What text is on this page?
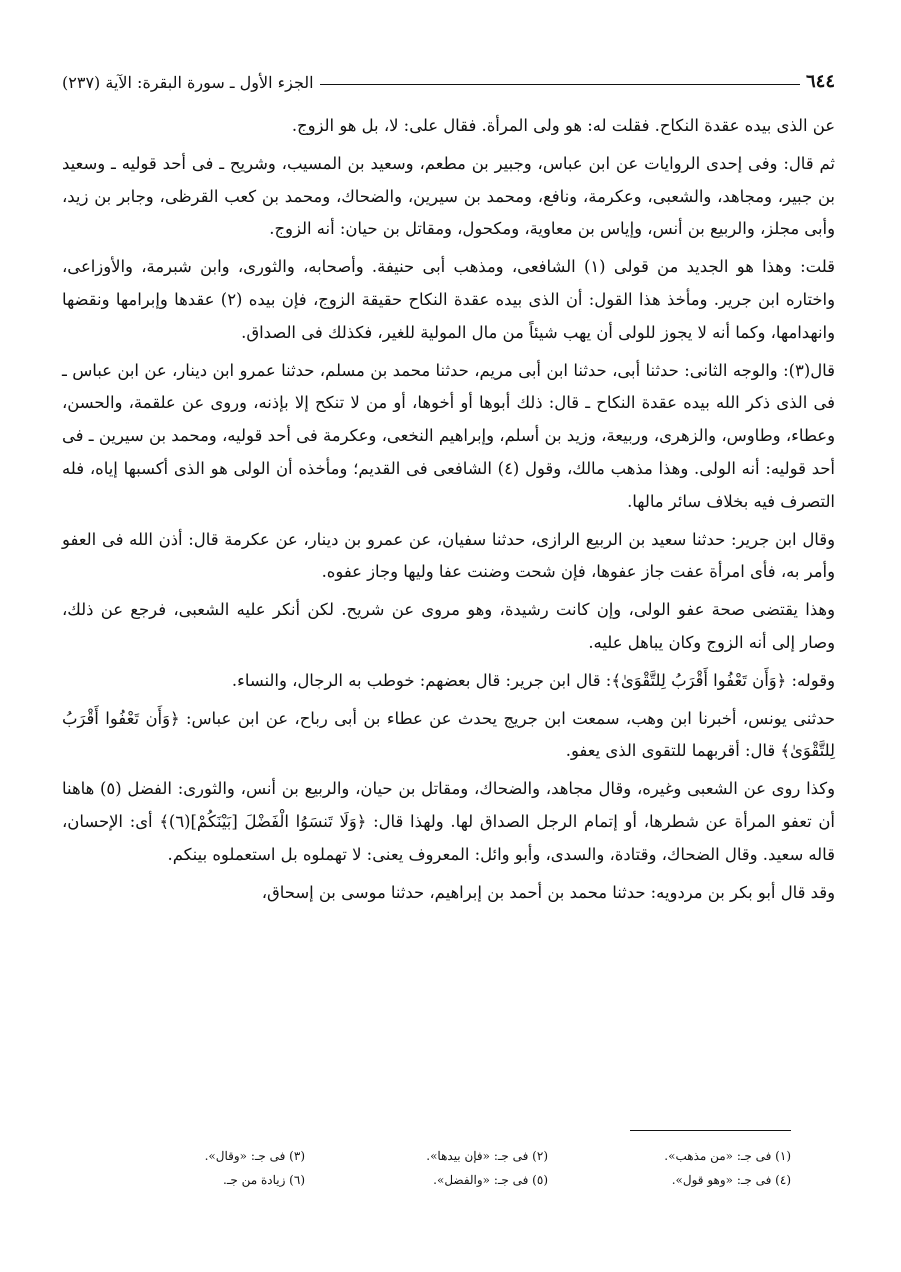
٦٤٤
الجزء الأول ـ سورة البقرة: الآية (٢٣٧)

عن الذى بيده عقدة النكاح. فقلت له: هو ولى المرأة. فقال على: لا، بل هو الزوج.

ثم قال: وفى إحدى الروايات عن ابن عباس، وجبير بن مطعم، وسعيد بن المسيب، وشريح ـ فى أحد قوليه ـ وسعيد بن جبير، ومجاهد، والشعبى، وعكرمة، ونافع، ومحمد بن سيرين، والضحاك، ومحمد بن كعب القرظى، وجابر بن زيد، وأبى مجلز، والربيع بن أنس، وإياس بن معاوية، ومكحول، ومقاتل بن حيان: أنه الزوج.

قلت: وهذا هو الجديد من قولى (١) الشافعى، ومذهب أبى حنيفة. وأصحابه، والثورى، وابن شبرمة، والأوزاعى، واختاره ابن جرير. ومأخذ هذا القول: أن الذى بيده عقدة النكاح حقيقة الزوج، فإن بيده (٢) عقدها وإبرامها ونقضها وانهدامها، وكما أنه لا يجوز للولى أن يهب شيئاً من مال المولية للغير، فكذلك فى الصداق.

قال(٣): والوجه الثانى: حدثنا أبى، حدثنا ابن أبى مريم، حدثنا محمد بن مسلم، حدثنا عمرو ابن دينار، عن ابن عباس ـ فى الذى ذكر الله بيده عقدة النكاح ـ قال: ذلك أبوها أو أخوها، أو من لا تنكح إلا بإذنه، وروى عن علقمة، والحسن، وعطاء، وطاوس، والزهرى، وربيعة، وزيد بن أسلم، وإبراهيم النخعى، وعكرمة فى أحد قوليه، ومحمد بن سيرين ـ فى أحد قوليه: أنه الولى. وهذا مذهب مالك، وقول (٤) الشافعى فى القديم؛ ومأخذه أن الولى هو الذى أكسبها إياه، فله التصرف فيه بخلاف سائر مالها.

وقال ابن جرير: حدثنا سعيد بن الربيع الرازى، حدثنا سفيان، عن عمرو بن دينار، عن عكرمة قال: أذن الله فى العفو وأمر به، فأى امرأة عفت جاز عفوها، فإن شحت وضنت عفا وليها وجاز عفوه.

وهذا يقتضى صحة عفو الولى، وإن كانت رشيدة، وهو مروى عن شريح. لكن أنكر عليه الشعبى، فرجع عن ذلك، وصار إلى أنه الزوج وكان يباهل عليه.

وقوله: ﴿وَأَن تَعْفُوا أَقْرَبُ لِلتَّقْوَىٰ﴾: قال ابن جرير: قال بعضهم: خوطب به الرجال، والنساء.

حدثنى يونس، أخبرنا ابن وهب، سمعت ابن جريج يحدث عن عطاء بن أبى رباح، عن ابن عباس: ﴿وَأَن تَعْفُوا أَقْرَبُ لِلتَّقْوَىٰ﴾ قال: أقربهما للتقوى الذى يعفو.

وكذا روى عن الشعبى وغيره، وقال مجاهد، والضحاك، ومقاتل بن حيان، والربيع بن أنس، والثورى: الفضل (٥) هاهنا أن تعفو المرأة عن شطرها، أو إتمام الرجل الصداق لها. ولهذا قال: ﴿وَلَا تَنسَوُا الْفَضْلَ [بَيْنَكُمْ](٦)﴾ أى: الإحسان، قاله سعيد. وقال الضحاك، وقتادة، والسدى، وأبو وائل: المعروف يعنى: لا تهملوه بل استعملوه بينكم.

وقد قال أبو بكر بن مردويه: حدثنا محمد بن أحمد بن إبراهيم، حدثنا موسى بن إسحاق،

(١) فى جـ: «من مذهب».
(٢) فى جـ: «فإن بيدها».
(٣) فى جـ: «وقال».
(٤) فى جـ: «وهو قول».
(٥) فى جـ: «والفضل».
(٦) زيادة من جـ.
